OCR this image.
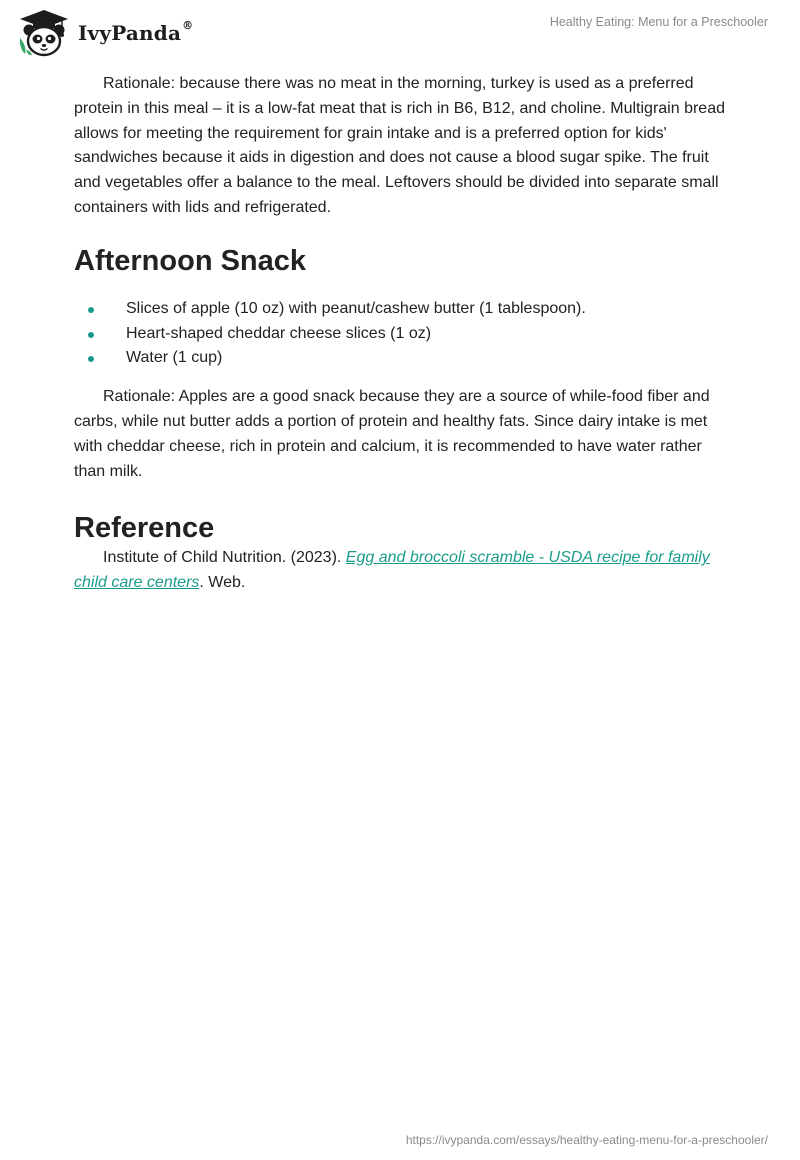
IvyPanda®	Healthy Eating: Menu for a Preschooler

Rationale: because there was no meat in the morning, turkey is used as a preferred protein in this meal – it is a low-fat meat that is rich in B6, B12, and choline. Multigrain bread allows for meeting the requirement for grain intake and is a preferred option for kids' sandwiches because it aids in digestion and does not cause a blood sugar spike. The fruit and vegetables offer a balance to the meal. Leftovers should be divided into separate small containers with lids and refrigerated.

Afternoon Snack
Slices of apple (10 oz) with peanut/cashew butter (1 tablespoon).
Heart-shaped cheddar cheese slices (1 oz)
Water (1 cup)

Rationale: Apples are a good snack because they are a source of while-food fiber and carbs, while nut butter adds a portion of protein and healthy fats. Since dairy intake is met with cheddar cheese, rich in protein and calcium, it is recommended to have water rather than milk.

Reference

Institute of Child Nutrition. (2023). Egg and broccoli scramble - USDA recipe for family child care centers. Web.

https://ivypanda.com/essays/healthy-eating-menu-for-a-preschooler/
